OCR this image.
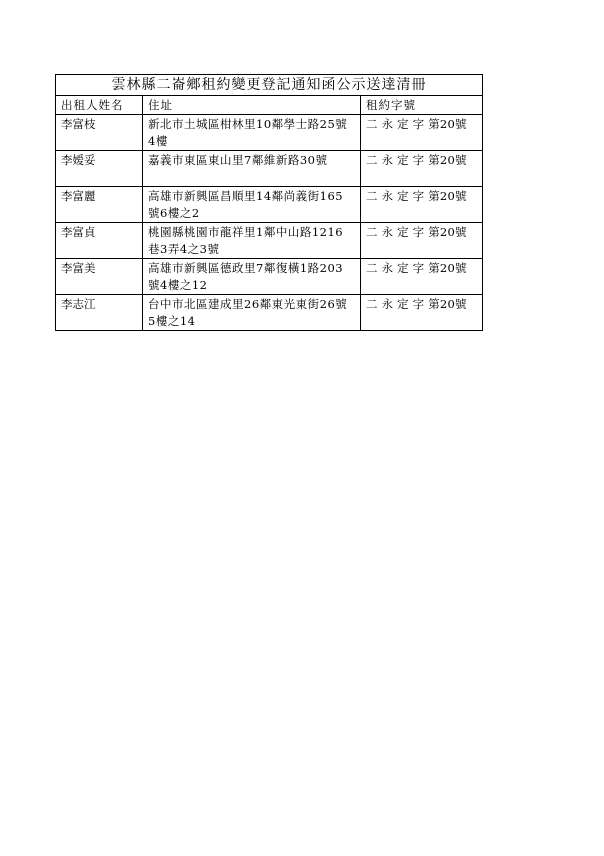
雲林縣二崙鄉租約變更登記通知函公示送達清冊		
出租人姓名	住址	租約字號
李富枝	新北市土城區柑林里10鄰學士路25號4樓	二 永 定 字 第20號
李嫒妥	嘉義市東區東山里7鄰維新路30號	二 永 定 字 第20號
李富麗	高雄市新興區昌順里14鄰尚義街165號6樓之2	二 永 定 字 第20號
李富貞	桃園縣桃園市龍祥里1鄰中山路1216巷3弄4之3號	二 永 定 字 第20號
李富美	高雄市新興區德政里7鄰復橫1路203號4樓之12	二 永 定 字 第20號
李志江	台中市北區建成里26鄰東光東街26號5樓之14	二 永 定 字 第20號
